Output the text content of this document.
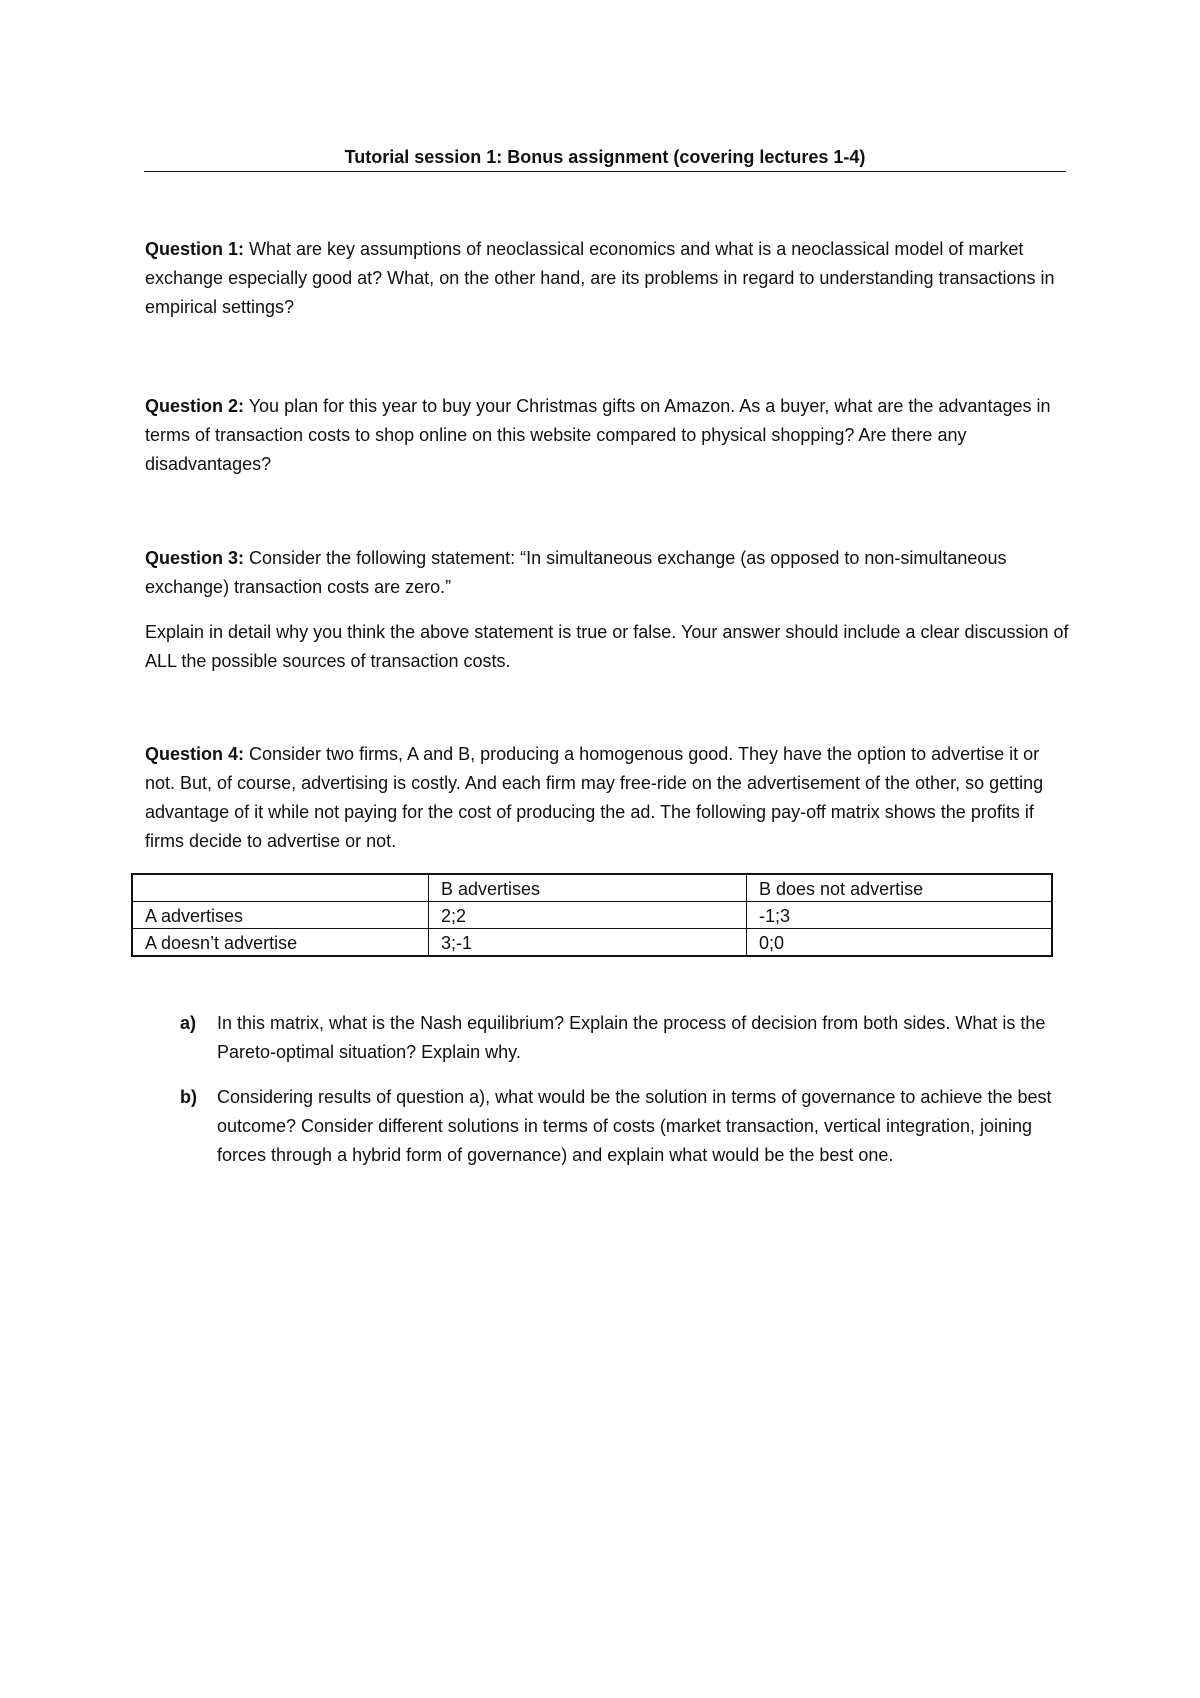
Tutorial session 1: Bonus assignment (covering lectures 1-4)

Question 1: What are key assumptions of neoclassical economics and what is a neoclassical model of market exchange especially good at? What, on the other hand, are its problems in regard to understanding transactions in empirical settings?

Question 2: You plan for this year to buy your Christmas gifts on Amazon. As a buyer, what are the advantages in terms of transaction costs to shop online on this website compared to physical shopping? Are there any disadvantages?

Question 3: Consider the following statement: “In simultaneous exchange (as opposed to non-simultaneous exchange) transaction costs are zero.”

Explain in detail why you think the above statement is true or false. Your answer should include a clear discussion of ALL the possible sources of transaction costs.

Question 4: Consider two firms, A and B, producing a homogenous good. They have the option to advertise it or not. But, of course, advertising is costly. And each firm may free-ride on the advertisement of the other, so getting advantage of it while not paying for the cost of producing the ad. The following pay-off matrix shows the profits if firms decide to advertise or not.

	B advertises	B does not advertise
A advertises	2;2	-1;3
A doesn’t advertise	3;-1	0;0
a) In this matrix, what is the Nash equilibrium? Explain the process of decision from both sides. What is the Pareto-optimal situation? Explain why.
b) Considering results of question a), what would be the solution in terms of governance to achieve the best outcome? Consider different solutions in terms of costs (market transaction, vertical integration, joining forces through a hybrid form of governance) and explain what would be the best one.
